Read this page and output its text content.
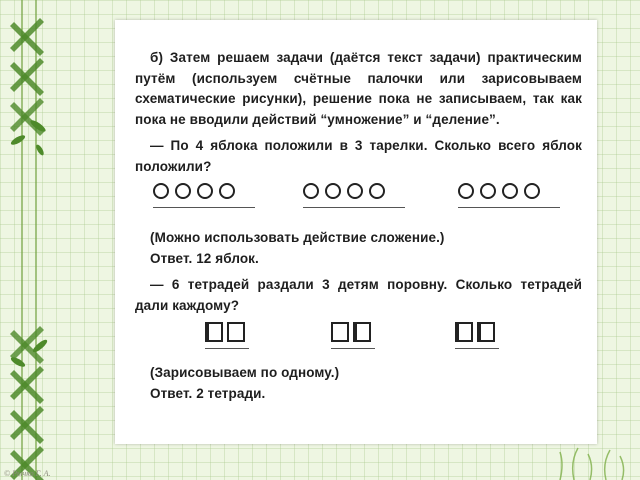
б) Затем решаем задачи (даётся текст задачи) практическим путём (используем счётные палочки или зарисовываем схематические рисунки), решение пока не записываем, так как пока не вводили действий “умножение” и “деление”.

— По 4 яблока положили в 3 тарелки. Сколько всего яблок положили?

(Можно использовать действие сложение.)

Ответ. 12 яблок.

— 6 тетрадей раздали 3 детям поровну. Сколько тетрадей дали каждому?

(Зарисовываем по одному.)

Ответ. 2 тетради.

© Рычко Г. А.
